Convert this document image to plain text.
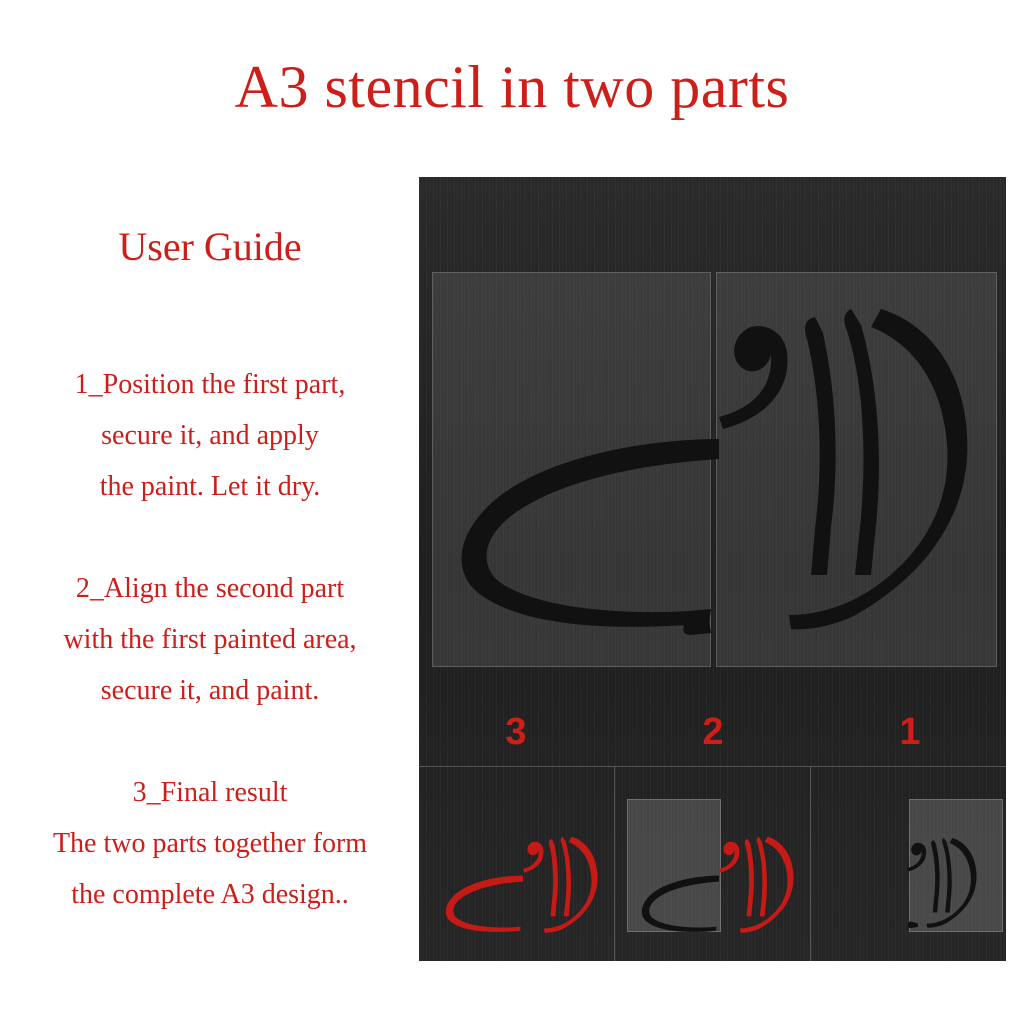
A3 stencil in two parts
User Guide
1_Position the first part,
secure it, and apply
the paint. Let it dry.
2_Align the second part
with the first painted area,
secure it, and paint.
3_Final result
The two parts together form
the complete A3 design..
3	2	1
